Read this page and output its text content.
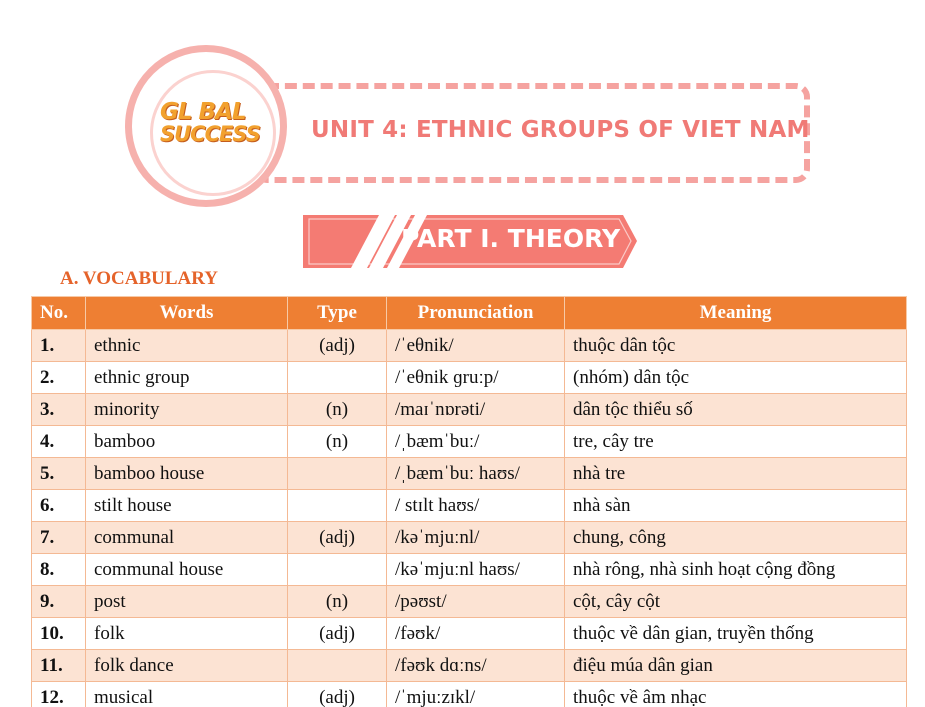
GL BAL
SUCCESS	UNIT 4: ETHNIC GROUPS OF VIET NAM
PART I. THEORY
A. VOCABULARY
No.	Words	Type	Pronunciation	Meaning
1.	ethnic	(adj)	/ˈeθnik/	thuộc dân tộc
2.	ethnic group		/ˈeθnik ɡruːp/	(nhóm) dân tộc
3.	minority	(n)	/maɪˈnɒrəti/	dân tộc thiểu số
4.	bamboo	(n)	/ˌbæmˈbuː/	tre, cây tre
5.	bamboo house		/ˌbæmˈbuː haʊs/	nhà tre
6.	stilt house		/ stɪlt haʊs/	nhà sàn
7.	communal	(adj)	/kəˈmjuːnl/	chung, công
8.	communal house		/kəˈmjuːnl haʊs/	nhà rông, nhà sinh hoạt cộng đồng
9.	post	(n)	/pəʊst/	cột, cây cột
10.	folk	(adj)	/fəʊk/	thuộc về dân gian, truyền thống
11.	folk dance		/fəʊk dɑːns/	điệu múa dân gian
12.	musical	(adj)	/ˈmjuːzɪkl/	thuộc về âm nhạc
